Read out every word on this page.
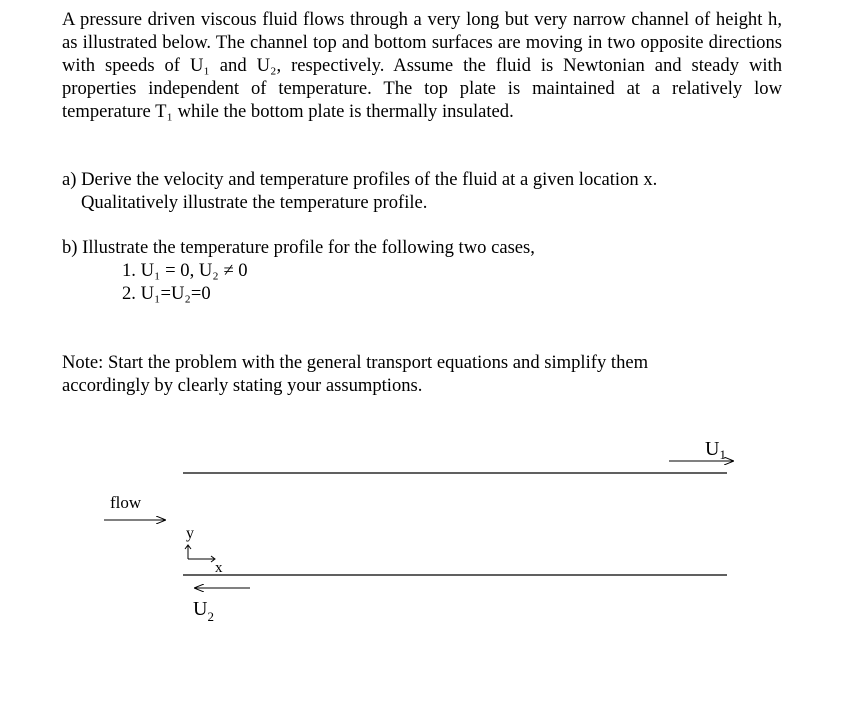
A pressure driven viscous fluid flows through a very long but very narrow channel of height h, as illustrated below. The channel top and bottom surfaces are moving in two opposite directions with speeds of U₁ and U₂, respectively. Assume the fluid is Newtonian and steady with properties independent of temperature. The top plate is maintained at a relatively low temperature T₁ while the bottom plate is thermally insulated.

a) Derive the velocity and temperature profiles of the fluid at a given location x.
Qualitatively illustrate the temperature profile.
b) Illustrate the temperature profile for the following two cases,
1. U₁ = 0, U₂ ≠ 0
2. U₁=U₂=0
Note: Start the problem with the general transport equations and simplify them
accordingly by clearly stating your assumptions.
$U_1$
flow
y
x
$U_2$
